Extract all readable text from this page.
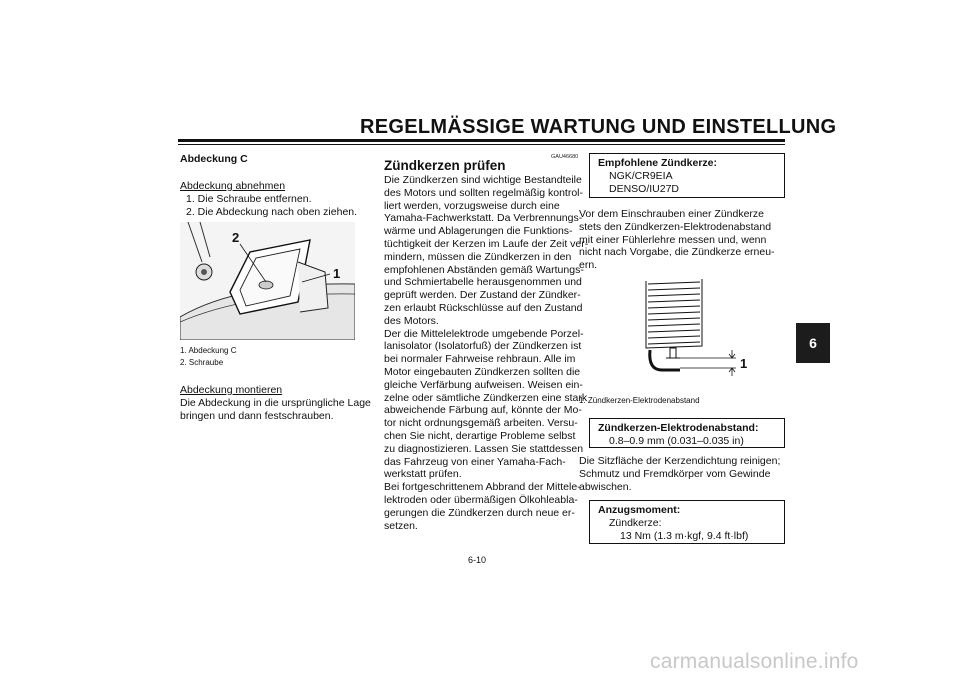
REGELMÄSSIGE WARTUNG UND EINSTELLUNG
6
Abdeckung C
Abdeckung abnehmen
1. Die Schraube entfernen.
2. Die Abdeckung nach oben ziehen.
2
1
1. Abdeckung C
2. Schraube
Abdeckung montieren
Die Abdeckung in die ursprüngliche Lage
bringen und dann festschrauben.
GAU46680
Zündkerzen prüfen
Die Zündkerzen sind wichtige Bestandteile
des Motors und sollten regelmäßig kontrol-
liert werden, vorzugsweise durch eine
Yamaha-Fachwerkstatt. Da Verbrennungs-
wärme und Ablagerungen die Funktions-
tüchtigkeit der Kerzen im Laufe der Zeit ver-
mindern, müssen die Zündkerzen in den
empfohlenen Abständen gemäß Wartungs-
und Schmiertabelle herausgenommen und
geprüft werden. Der Zustand der Zündker-
zen erlaubt Rückschlüsse auf den Zustand
des Motors.
Der die Mittelelektrode umgebende Porzel-
lanisolator (Isolatorfuß) der Zündkerzen ist
bei normaler Fahrweise rehbraun. Alle im
Motor eingebauten Zündkerzen sollten die
gleiche Verfärbung aufweisen. Weisen ein-
zelne oder sämtliche Zündkerzen eine stark
abweichende Färbung auf, könnte der Mo-
tor nicht ordnungsgemäß arbeiten. Versu-
chen Sie nicht, derartige Probleme selbst
zu diagnostizieren. Lassen Sie stattdessen
das Fahrzeug von einer Yamaha-Fach-
werkstatt prüfen.
Bei fortgeschrittenem Abbrand der Mittele-
lektroden oder übermäßigen Ölkohleabla-
gerungen die Zündkerzen durch neue er-
setzen.
Empfohlene Zündkerze:
NGK/CR9EIA
DENSO/IU27D
Vor dem Einschrauben einer Zündkerze
stets den Zündkerzen-Elektrodenabstand
mit einer Fühlerlehre messen und, wenn
nicht nach Vorgabe, die Zündkerze erneu-
ern.
1
1. Zündkerzen-Elektrodenabstand
Zündkerzen-Elektrodenabstand:
0.8–0.9 mm (0.031–0.035 in)
Die Sitzfläche der Kerzendichtung reinigen;
Schmutz und Fremdkörper vom Gewinde
abwischen.
Anzugsmoment:
Zündkerze:
13 Nm (1.3 m·kgf, 9.4 ft·lbf)
6-10
carmanualsonline.info
